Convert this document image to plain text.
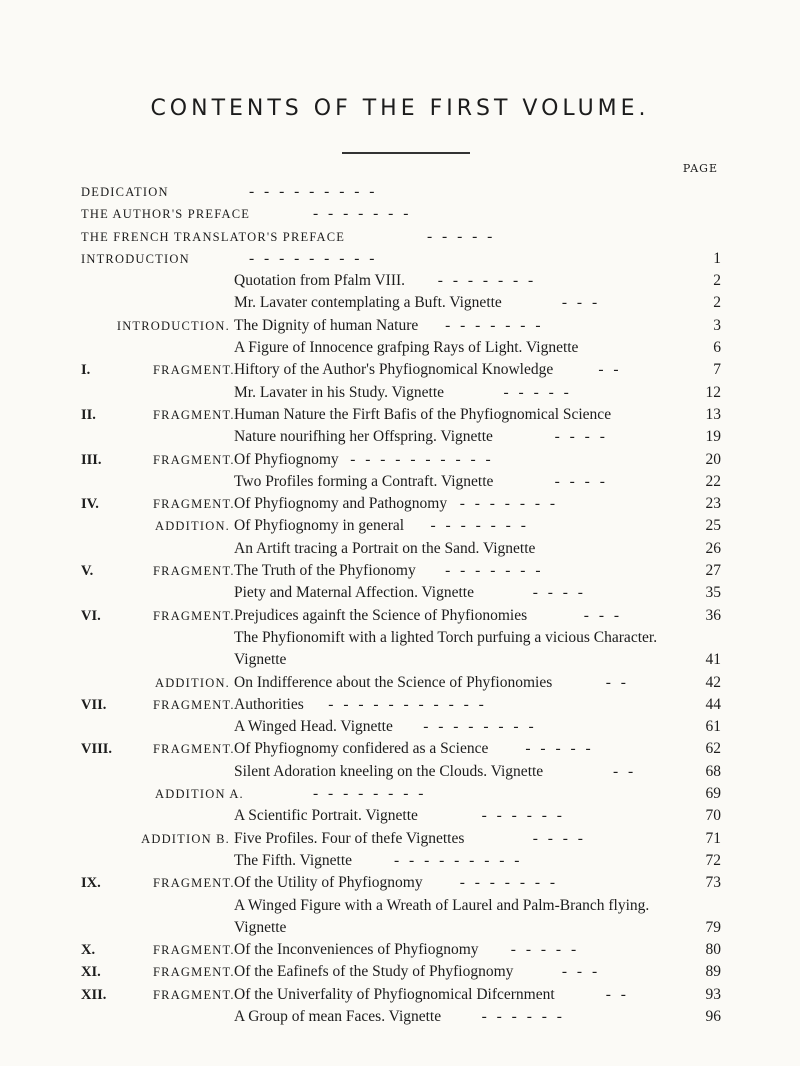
CONTENTS OF THE FIRST VOLUME.
PAGE
DEDICATION	- - - - - - - - -
THE AUTHOR'S PREFACE	- - - - - - -
THE FRENCH TRANSLATOR'S PREFACE	- - - - -
INTRODUCTION	- - - - - - - - -	1
Quotation from Pfalm VIII.	- - - - - - -	2
Mr. Lavater contemplating a Buft. Vignette	- - -	2
INTRODUCTION. The Dignity of human Nature	- - - - - - -	3
A Figure of Innocence grafping Rays of Light. Vignette	6
I.	FRAGMENT. Hiftory of the Author's Phyfiognomical Knowledge	- -	7
Mr. Lavater in his Study. Vignette	- - - - -	12
II.	FRAGMENT. Human Nature the Firft Bafis of the Phyfiognomical Science	13
Nature nourifhing her Offspring. Vignette	- - - -	19
III.	FRAGMENT. Of Phyfiognomy - - - - - - - - - -	20
Two Profiles forming a Contraft. Vignette	- - - -	22
IV.	FRAGMENT. Of Phyfiognomy and Pathognomy - - - - - - -	23
ADDITION. Of Phyfiognomy in general	- - - - - - -	25
An Artift tracing a Portrait on the Sand. Vignette	26
V.	FRAGMENT. The Truth of the Phyfionomy	- - - - - - -	27
Piety and Maternal Affection. Vignette	- - - -	35
VI.	FRAGMENT. Prejudices againft the Science of Phyfionomies	- - -	36
The Phyfionomift with a lighted Torch purfuing a vicious Character. Vignette	41
ADDITION. On Indifference about the Science of Phyfionomies	- -	42
VII.	FRAGMENT. Authorities	- - - - - - - - - - -	44
A Winged Head. Vignette	- - - - - - - -	61
VIII.	FRAGMENT. Of Phyfiognomy confidered as a Science	- - - - -	62
Silent Adoration kneeling on the Clouds. Vignette	- -	68
ADDITION A.	- - - - - - - -	69
A Scientific Portrait. Vignette	- - - - - -	70
ADDITION B. Five Profiles. Four of thefe Vignettes	- - - -	71
The Fifth. Vignette	- - - - - - - - -	72
IX.	FRAGMENT. Of the Utility of Phyfiognomy	- - - - - - -	73
A Winged Figure with a Wreath of Laurel and Palm-Branch flying. Vignette	79
X.	FRAGMENT. Of the Inconveniences of Phyfiognomy	- - - - -	80
XI.	FRAGMENT. Of the Eafinefs of the Study of Phyfiognomy	- - -	89
XII.	FRAGMENT. Of the Univerfality of Phyfiognomical Difcernment	- -	93
A Group of mean Faces. Vignette	- - - - - -	96
